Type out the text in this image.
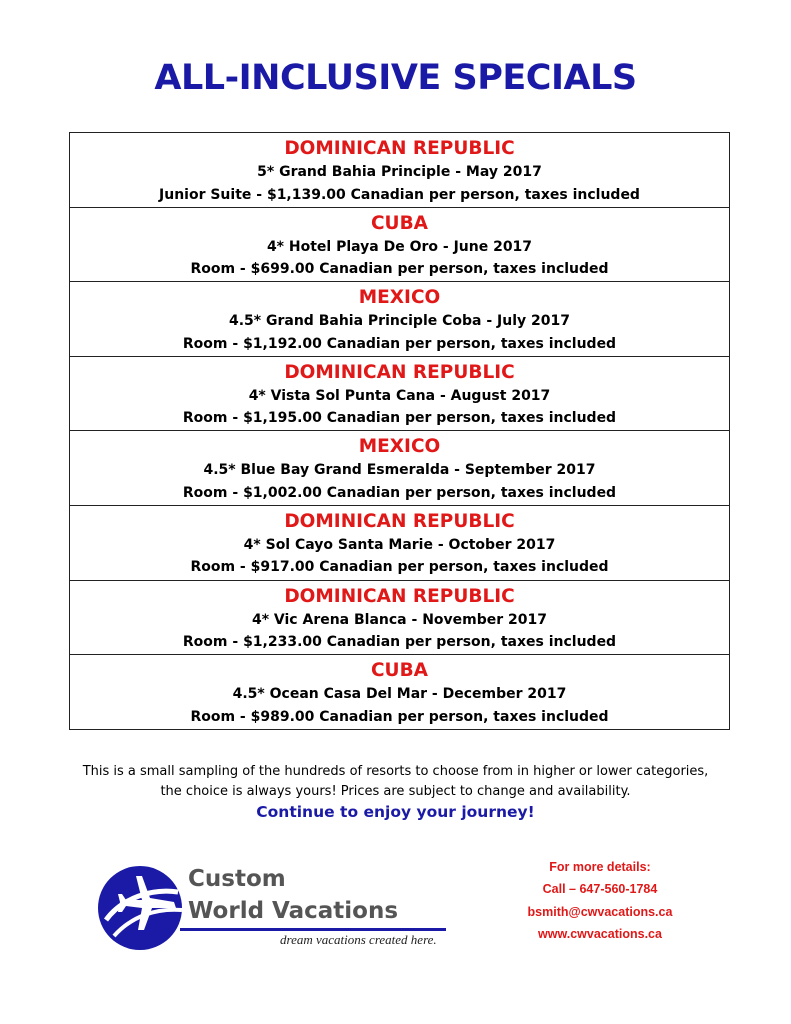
ALL-INCLUSIVE SPECIALS
DOMINICAN REPUBLIC
5* Grand Bahia Principle - May 2017
Junior Suite - $1,139.00 Canadian per person, taxes included
CUBA
4* Hotel Playa De Oro - June 2017
Room - $699.00 Canadian per person, taxes included
MEXICO
4.5* Grand Bahia Principle Coba - July 2017
Room - $1,192.00 Canadian per person, taxes included
DOMINICAN REPUBLIC
4* Vista Sol Punta Cana - August 2017
Room - $1,195.00 Canadian per person, taxes included
MEXICO
4.5* Blue Bay Grand Esmeralda - September 2017
Room - $1,002.00 Canadian per person, taxes included
DOMINICAN REPUBLIC
4* Sol Cayo Santa Marie - October 2017
Room - $917.00 Canadian per person, taxes included
DOMINICAN REPUBLIC
4* Vic Arena Blanca - November 2017
Room - $1,233.00 Canadian per person, taxes included
CUBA
4.5* Ocean Casa Del Mar - December 2017
Room - $989.00 Canadian per person, taxes included
This is a small sampling of the hundreds of resorts to choose from in higher or lower categories,
the choice is always yours! Prices are subject to change and availability.
Continue to enjoy your journey!
Custom
World Vacations
dream vacations created here.
For more details:
Call – 647-560-1784
bsmith@cwvacations.ca
www.cwvacations.ca
